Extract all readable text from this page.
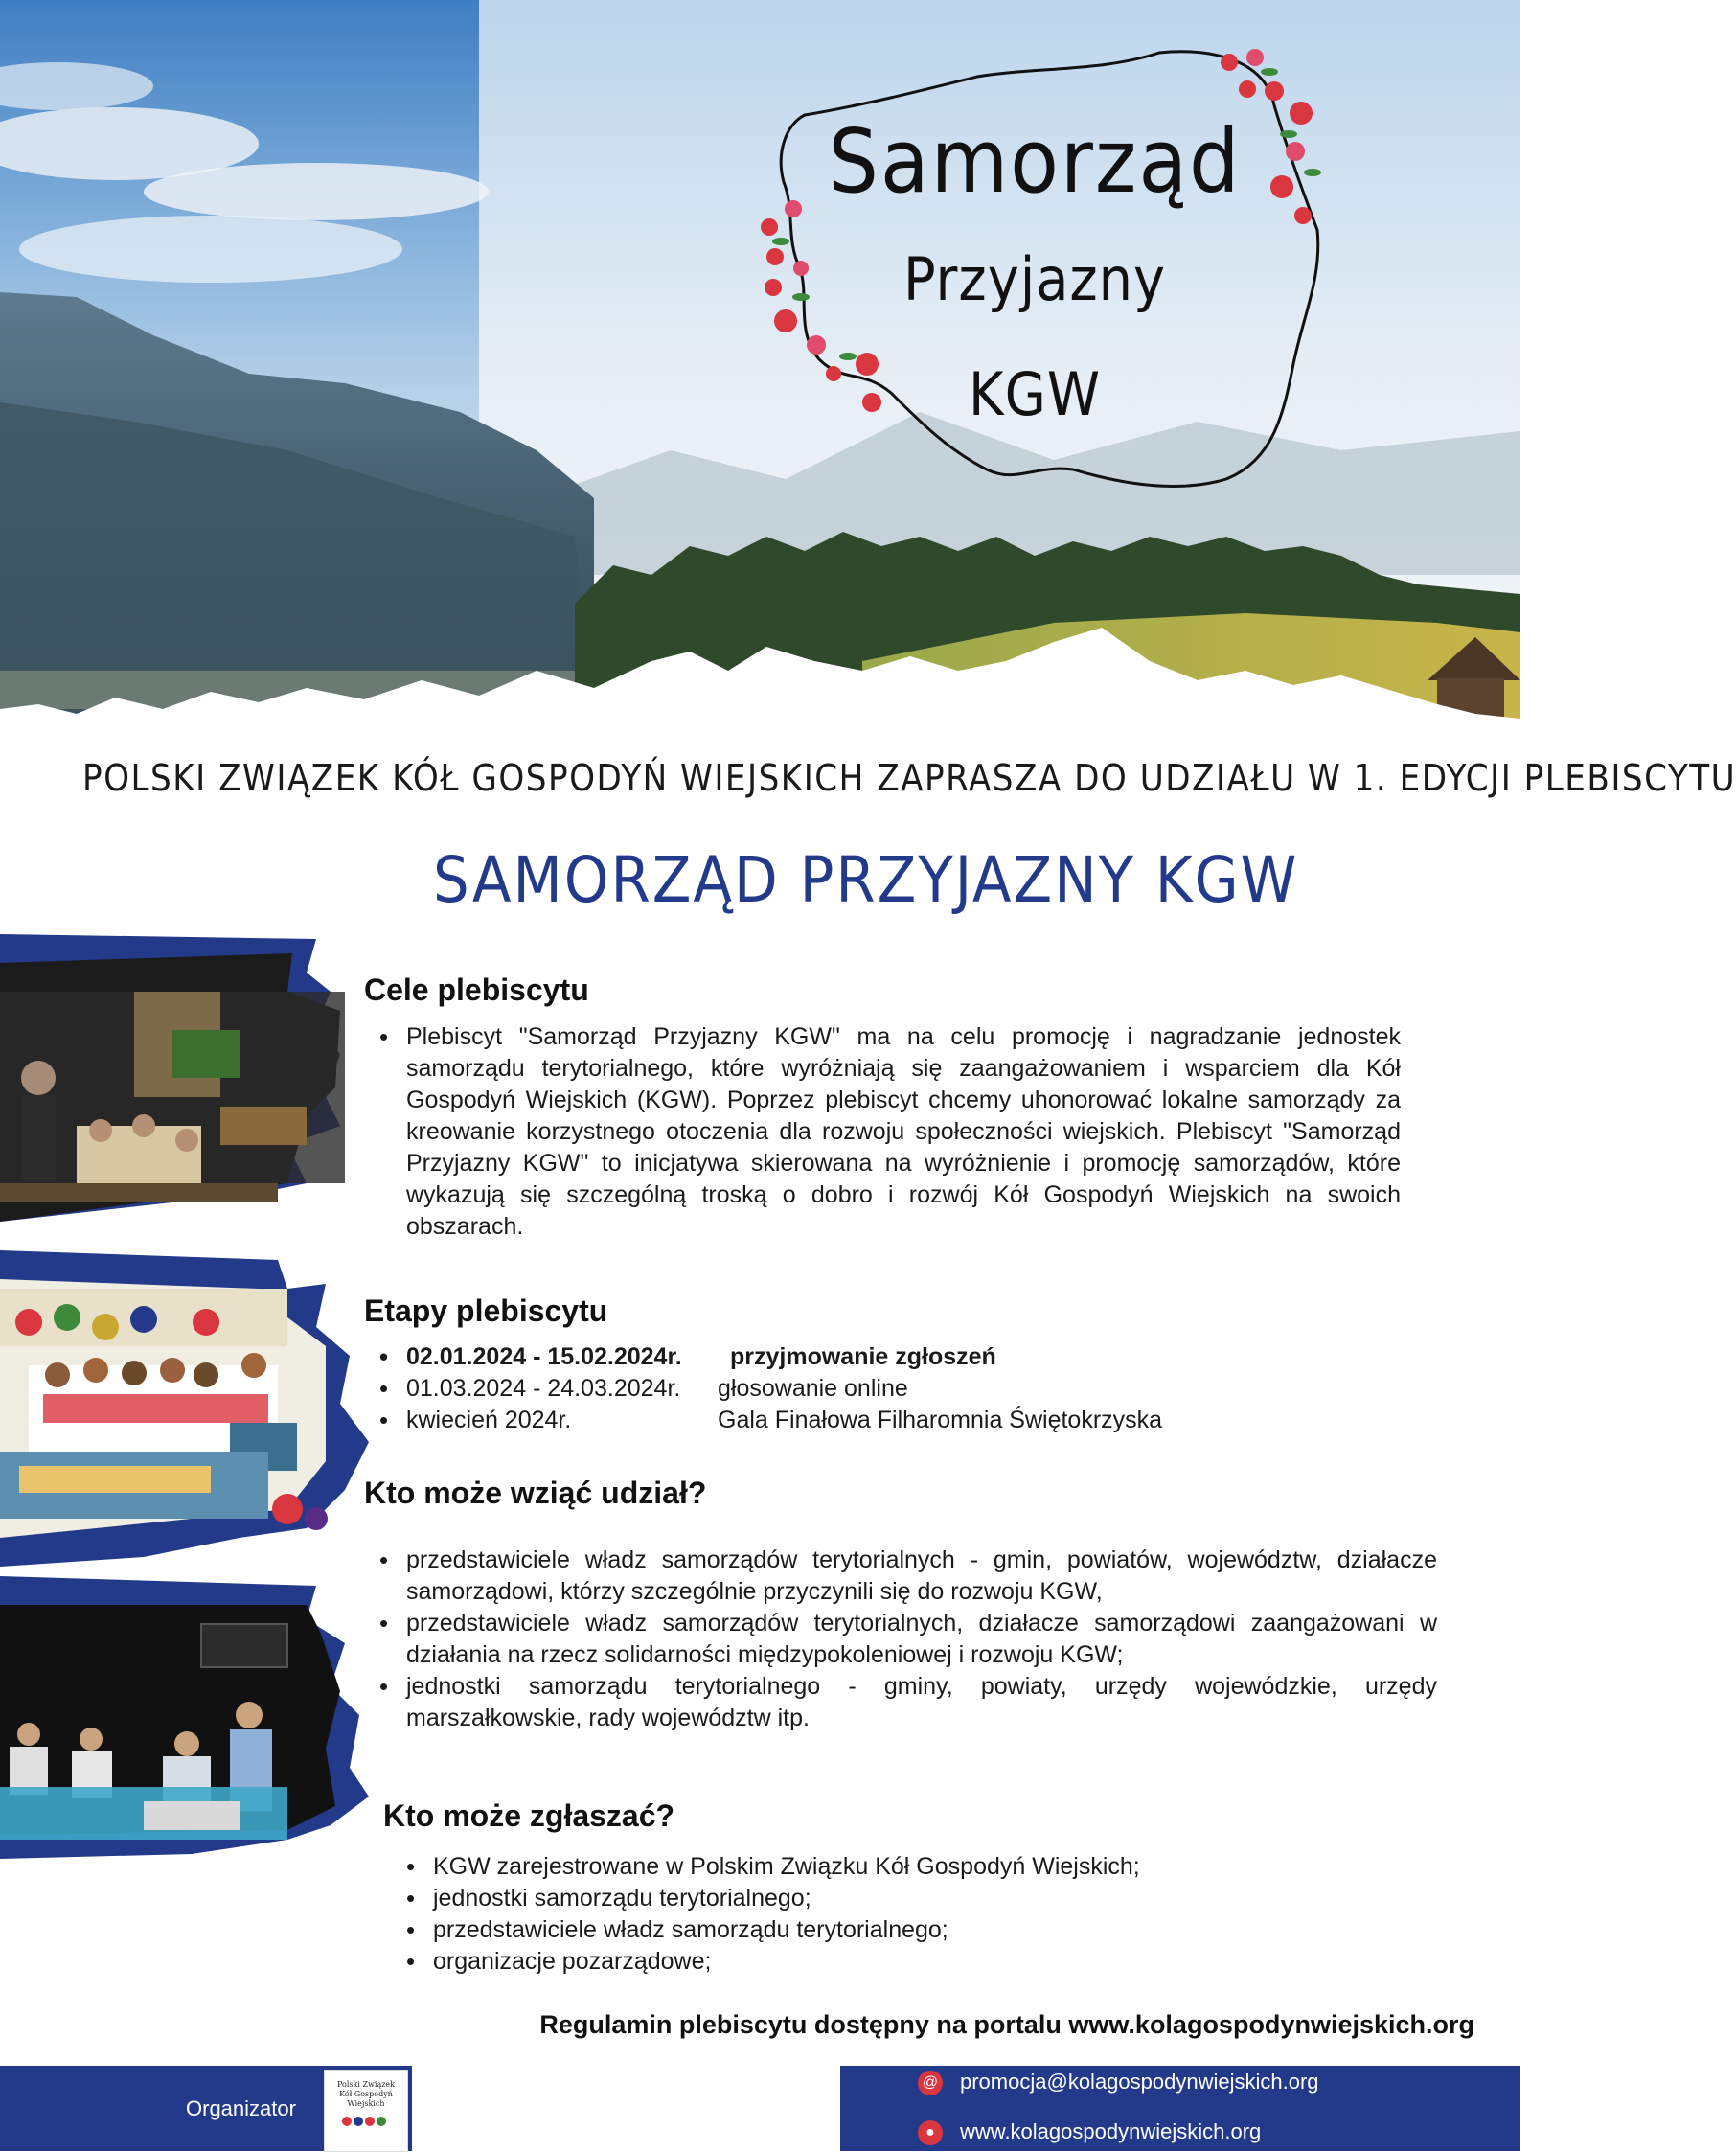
Samorząd
Przyjazny
KGW
POLSKI ZWIĄZEK KÓŁ GOSPODYŃ WIEJSKICH ZAPRASZA DO UDZIAŁU W 1. EDYCJI PLEBISCYTU
SAMORZĄD PRZYJAZNY KGW
Cele plebiscytu
• Plebiscyt "Samorząd Przyjazny KGW" ma na celu promocję i nagradzanie jednostek samorządu terytorialnego, które wyróżniają się zaangażowaniem i wsparciem dla Kół Gospodyń Wiejskich (KGW). Poprzez plebiscyt chcemy uhonorować lokalne samorządy za kreowanie korzystnego otoczenia dla rozwoju społeczności wiejskich. Plebiscyt "Samorząd Przyjazny KGW" to inicjatywa skierowana na wyróżnienie i promocję samorządów, które wykazują się szczególną troską o dobro i rozwój Kół Gospodyń Wiejskich na swoich obszarach.
Etapy plebiscytu
• 02.01.2024 - 15.02.2024r. przyjmowanie zgłoszeń
• 01.03.2024 - 24.03.2024r. głosowanie online
• kwiecień 2024r.	Gala Finałowa Filharomnia Świętokrzyska
Kto może wziąć udział?
• przedstawiciele władz samorządów terytorialnych - gmin, powiatów, województw, działacze samorządowi, którzy szczególnie przyczynili się do rozwoju KGW,
• przedstawiciele władz samorządów terytorialnych, działacze samorządowi zaangażowani w działania na rzecz solidarności międzypokoleniowej i rozwoju KGW;
• jednostki samorządu terytorialnego - gminy, powiaty, urzędy wojewódzkie, urzędy marszałkowskie, rady województw itp.
Kto może zgłaszać?
• KGW zarejestrowane w Polskim Związku Kół Gospodyń Wiejskich;
• jednostki samorządu terytorialnego;
• przedstawiciele władz samorządu terytorialnego;
• organizacje pozarządowe;
Regulamin plebiscytu dostępny na portalu www.kolagospodynwiejskich.org
Organizator
Polski Związek
Kół Gospodyń
Wiejskich
@ promocja@kolagospodynwiejskich.org
● www.kolagospodynwiejskich.org
